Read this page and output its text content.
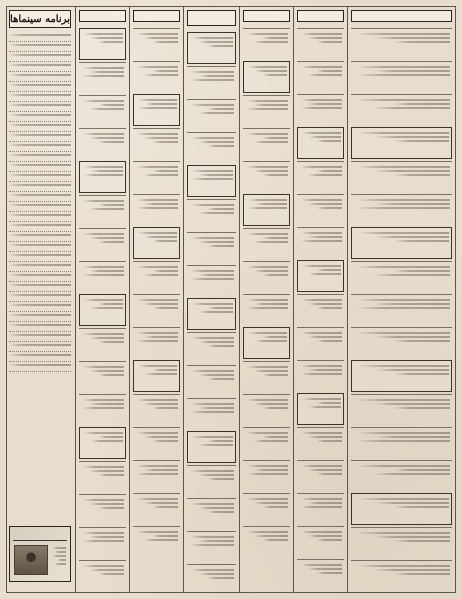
برنامه سینماها
